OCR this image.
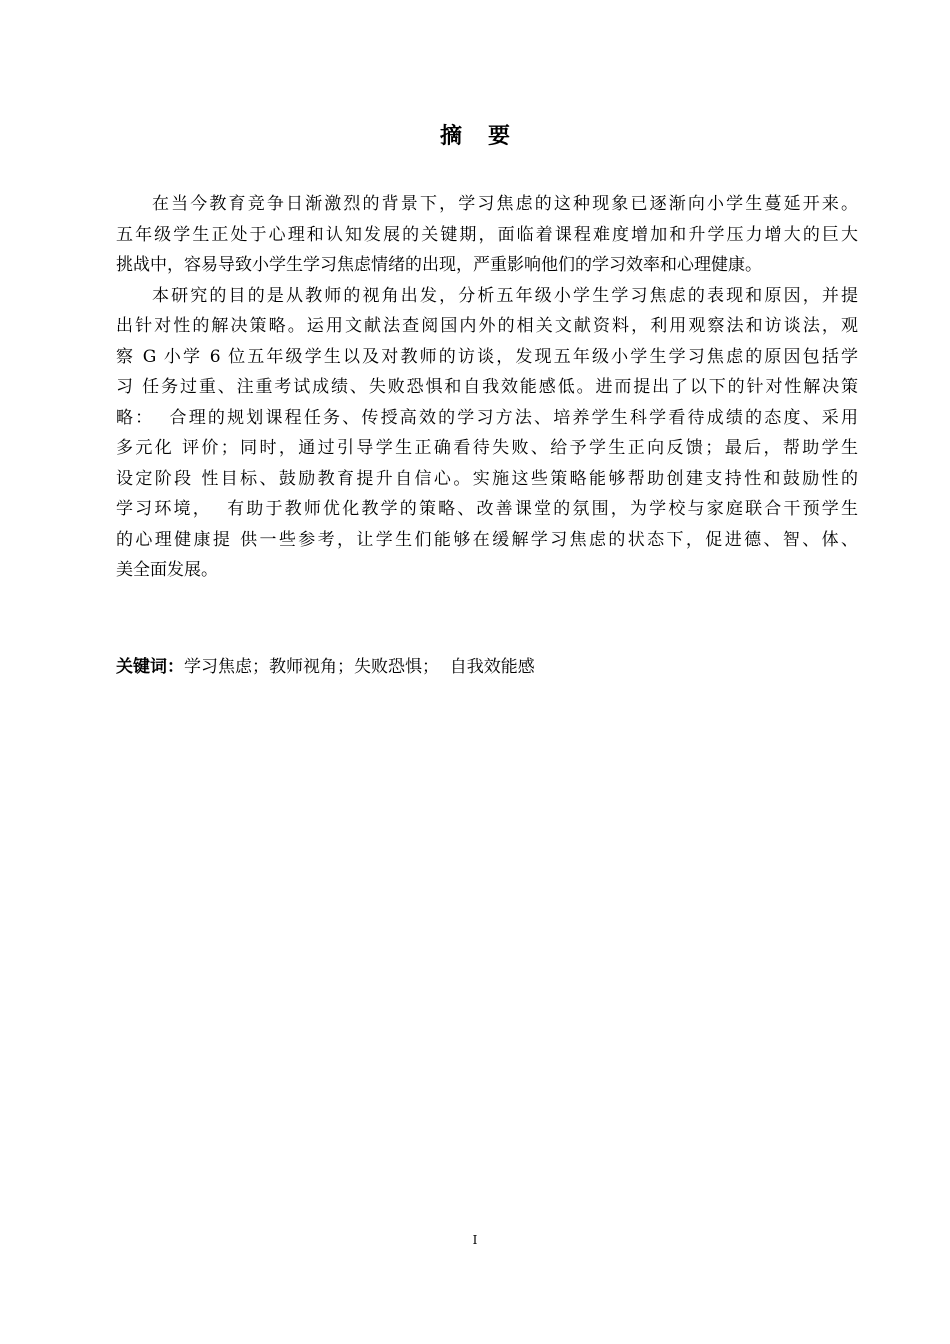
摘要
在当今教育竞争日渐激烈的背景下，学习焦虑的这种现象已逐渐向小学生蔓延开来。
五年级学生正处于心理和认知发展的关键期，面临着课程难度增加和升学压力增大的巨大
挑战中，容易导致小学生学习焦虑情绪的出现，严重影响他们的学习效率和心理健康。
本研究的目的是从教师的视角出发，分析五年级小学生学习焦虑的表现和原因，并提
出针对性的解决策略。运用文献法查阅国内外的相关文献资料，利用观察法和访谈法，观
察 G 小学 6 位五年级学生以及对教师的访谈，发现五年级小学生学习焦虑的原因包括学
习 任务过重、注重考试成绩、失败恐惧和自我效能感低。进而提出了以下的针对性解决策
略：  合理的规划课程任务、传授高效的学习方法、培养学生科学看待成绩的态度、采用
多元化 评价；同时，通过引导学生正确看待失败、给予学生正向反馈；最后，帮助学生
设定阶段 性目标、鼓励教育提升自信心。实施这些策略能够帮助创建支持性和鼓励性的
学习环境，  有助于教师优化教学的策略、改善课堂的氛围，为学校与家庭联合干预学生
的心理健康提 供一些参考，让学生们能够在缓解学习焦虑的状态下，促进德、智、体、
美全面发展。
关键词：学习焦虑；教师视角；失败恐惧；  自我效能感
I
